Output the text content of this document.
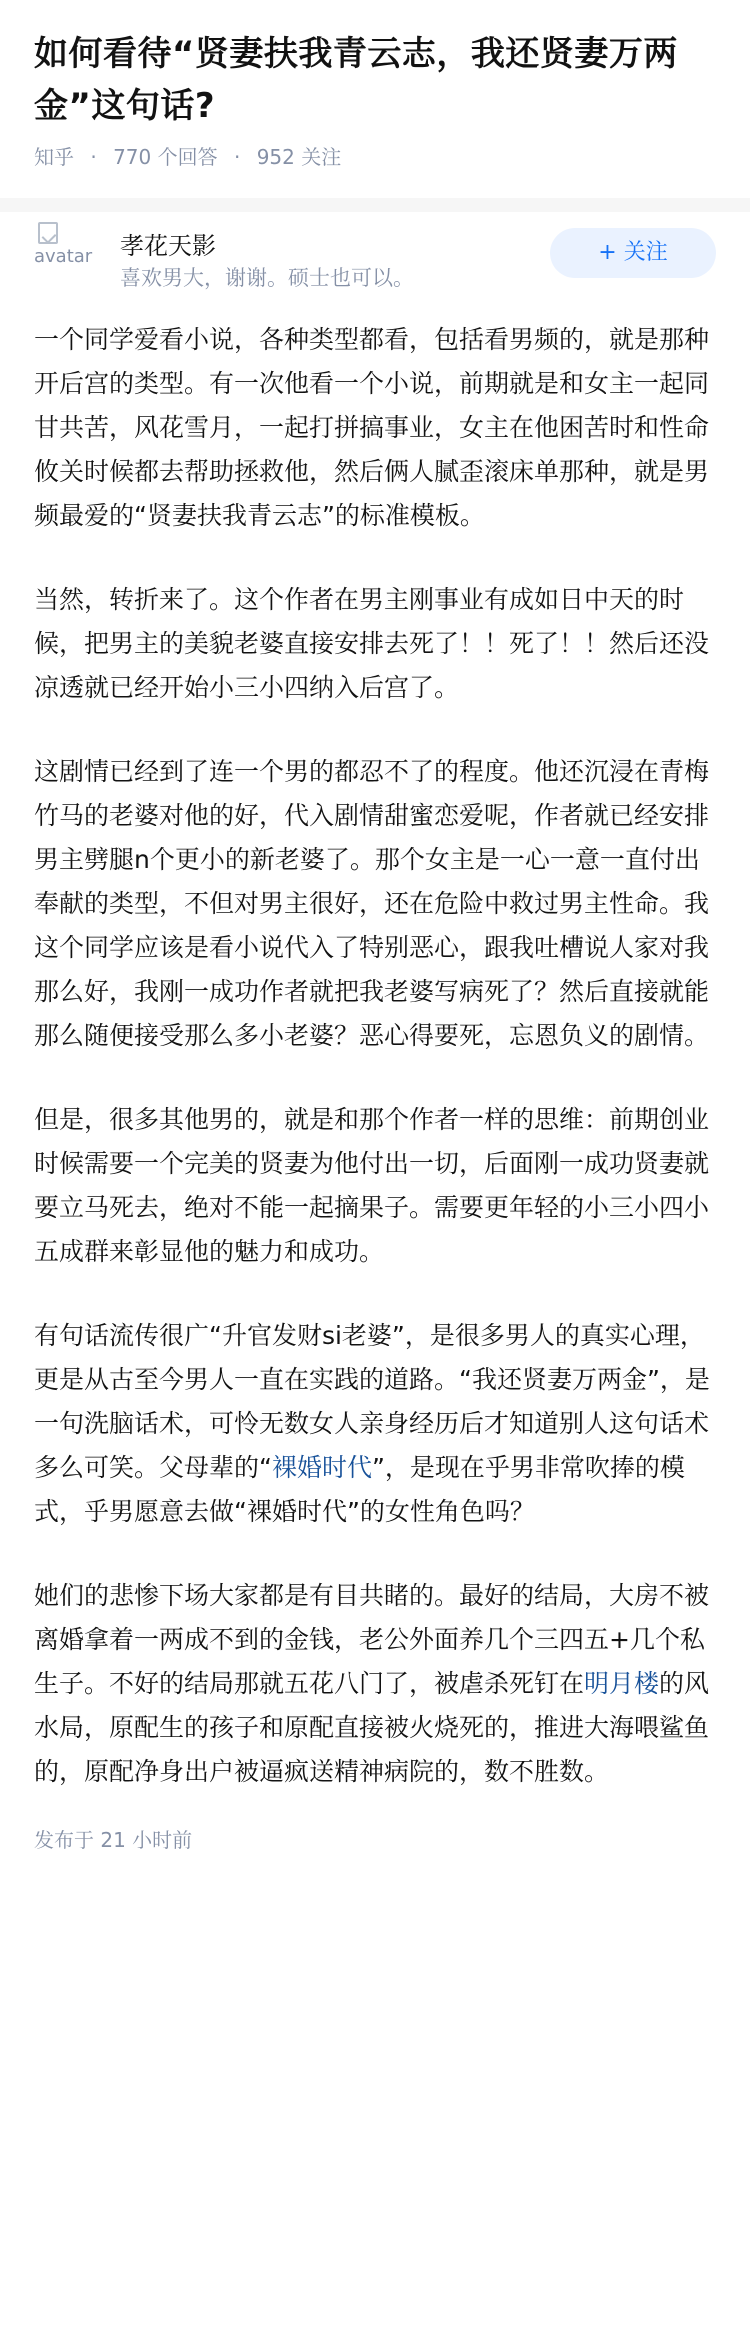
如何看待“贤妻扶我青云志，我还贤妻万两金”这句话?
知乎 · 770 个回答 · 952 关注
avatar 孝花天影
喜欢男大，谢谢。硕士也可以。
+ 关注

一个同学爱看小说，各种类型都看，包括看男频的，就是那种开后宫的类型。有一次他看一个小说，前期就是和女主一起同甘共苦，风花雪月，一起打拼搞事业，女主在他困苦时和性命攸关时候都去帮助拯救他，然后俩人腻歪滚床单那种，就是男频最爱的“贤妻扶我青云志”的标准模板。

当然，转折来了。这个作者在男主刚事业有成如日中天的时候，把男主的美貌老婆直接安排去死了！！死了！！然后还没凉透就已经开始小三小四纳入后宫了。

这剧情已经到了连一个男的都忍不了的程度。他还沉浸在青梅竹马的老婆对他的好，代入剧情甜蜜恋爱呢，作者就已经安排男主劈腿n个更小的新老婆了。那个女主是一心一意一直付出奉献的类型，不但对男主很好，还在危险中救过男主性命。我这个同学应该是看小说代入了特别恶心，跟我吐槽说人家对我那么好，我刚一成功作者就把我老婆写病死了？然后直接就能那么随便接受那么多小老婆？恶心得要死，忘恩负义的剧情。

但是，很多其他男的，就是和那个作者一样的思维：前期创业时候需要一个完美的贤妻为他付出一切，后面刚一成功贤妻就要立马死去，绝对不能一起摘果子。需要更年轻的小三小四小五成群来彰显他的魅力和成功。

有句话流传很广“升官发财si老婆”，是很多男人的真实心理，更是从古至今男人一直在实践的道路。“我还贤妻万两金”，是一句洗脑话术，可怜无数女人亲身经历后才知道别人这句话术多么可笑。父母辈的“裸婚时代”，是现在乎男非常吹捧的模式，乎男愿意去做“裸婚时代”的女性角色吗？

她们的悲惨下场大家都是有目共睹的。最好的结局，大房不被离婚拿着一两成不到的金钱，老公外面养几个三四五+几个私生子。不好的结局那就五花八门了，被虐杀死钉在明月楼的风水局，原配生的孩子和原配直接被火烧死的，推进大海喂鲨鱼的，原配净身出户被逼疯送精神病院的，数不胜数。

发布于 21 小时前
